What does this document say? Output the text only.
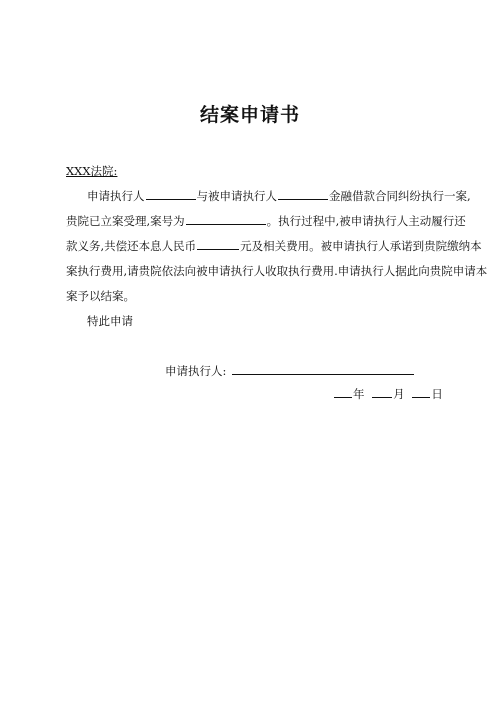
结案申请书
XXX法院:
申请执行人	与被申请执行人	金融借款合同纠纷执行一案,
贵院已立案受理,案号为	。执行过程中,被申请执行人主动履行还
款义务,共偿还本息人民币	元及相关费用。被申请执行人承诺到贵院缴纳本
案执行费用,请贵院依法向被申请执行人收取执行费用.申请执行人据此向贵院申请本
案予以结案。
特此申请
申请执行人:
年 月 日
